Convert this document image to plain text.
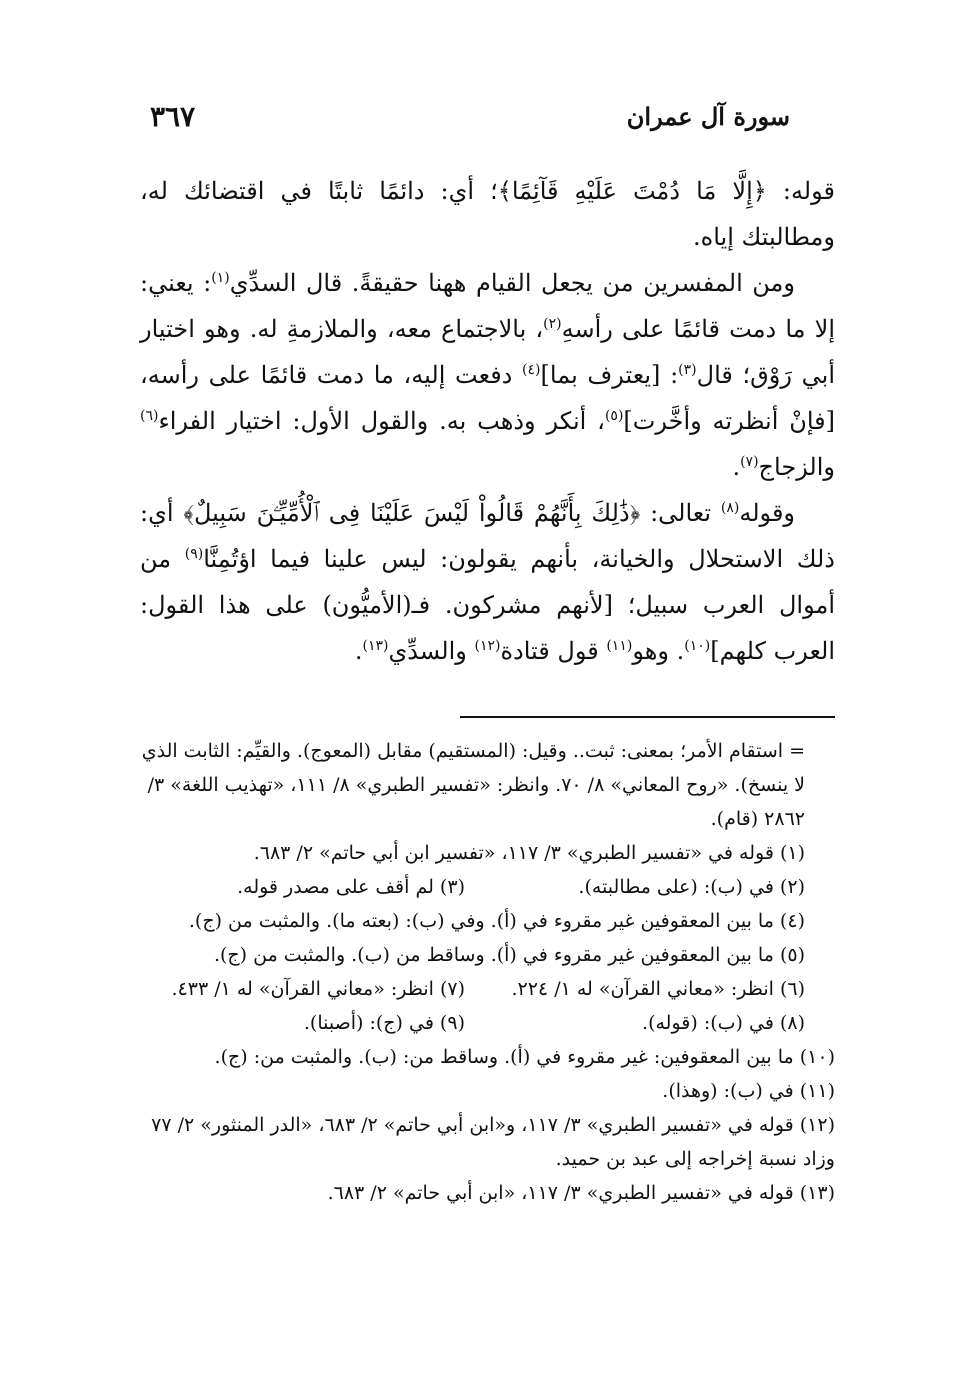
سورة آل عمران
٣٦٧

قوله: ﴿إِلَّا مَا دُمْتَ عَلَيْهِ قَآئِمًا﴾؛ أي: دائمًا ثابتًا في اقتضائك له، ومطالبتك إياه.

ومن المفسرين من يجعل القيام ههنا حقيقةً. قال السدِّي$^{(١)}$: يعني: إلا ما دمت قائمًا على رأسهِ$^{(٢)}$، بالاجتماع معه، والملازمةِ له. وهو اختيار أبي رَوْق؛ قال$^{(٣)}$: [يعترف بما]$^{(٤)}$ دفعت إليه، ما دمت قائمًا على رأسه، [فإنْ أنظرته وأخَّرت]$^{(٥)}$، أنكر وذهب به. والقول الأول: اختيار الفراء$^{(٦)}$ والزجاج$^{(٧)}$.

وقوله$^{(٨)}$ تعالى: ﴿ذَٰلِكَ بِأَنَّهُمْ قَالُواْ لَيْسَ عَلَيْنَا فِى ٱلْأُمِّيِّـۧنَ سَبِيلٌ﴾ أي: ذلك الاستحلال والخيانة، بأنهم يقولون: ليس علينا فيما اؤتُمِنَّا$^{(٩)}$ من أموال العرب سبيل؛ [لأنهم مشركون. فـ(الأميُّون) على هذا القول: العرب كلهم]$^{(١٠)}$. وهو$^{(١١)}$ قول قتادة$^{(١٢)}$ والسدِّي$^{(١٣)}$.

= استقام الأمر؛ بمعنى: ثبت.. وقيل: (المستقيم) مقابل (المعوج). والقيِّم: الثابت الذي لا ينسخ). «روح المعاني» ٨/ ٧٠. وانظر: «تفسير الطبري» ٨/ ١١١، «تهذيب اللغة» ٣/ ٢٨٦٢ (قام).

(١) قوله في «تفسير الطبري» ٣/ ١١٧، «تفسير ابن أبي حاتم» ٢/ ٦٨٣.

(٢) في (ب): (على مطالبته).
(٣) لم أقف على مصدر قوله.

(٤) ما بين المعقوفين غير مقروء في (أ). وفي (ب): (بعته ما). والمثبت من (ج).

(٥) ما بين المعقوفين غير مقروء في (أ). وساقط من (ب). والمثبت من (ج).

(٦) انظر: «معاني القرآن» له ١/ ٢٢٤.
(٧) انظر: «معاني القرآن» له ١/ ٤٣٣.
(٨) في (ب): (قوله).
(٩) في (ج): (أصبنا).

(١٠) ما بين المعقوفين: غير مقروء في (أ). وساقط من: (ب). والمثبت من: (ج).

(١١) في (ب): (وهذا).

(١٢) قوله في «تفسير الطبري» ٣/ ١١٧، و«ابن أبي حاتم» ٢/ ٦٨٣، «الدر المنثور» ٢/ ٧٧ وزاد نسبة إخراجه إلى عبد بن حميد.

(١٣) قوله في «تفسير الطبري» ٣/ ١١٧، «ابن أبي حاتم» ٢/ ٦٨٣.
